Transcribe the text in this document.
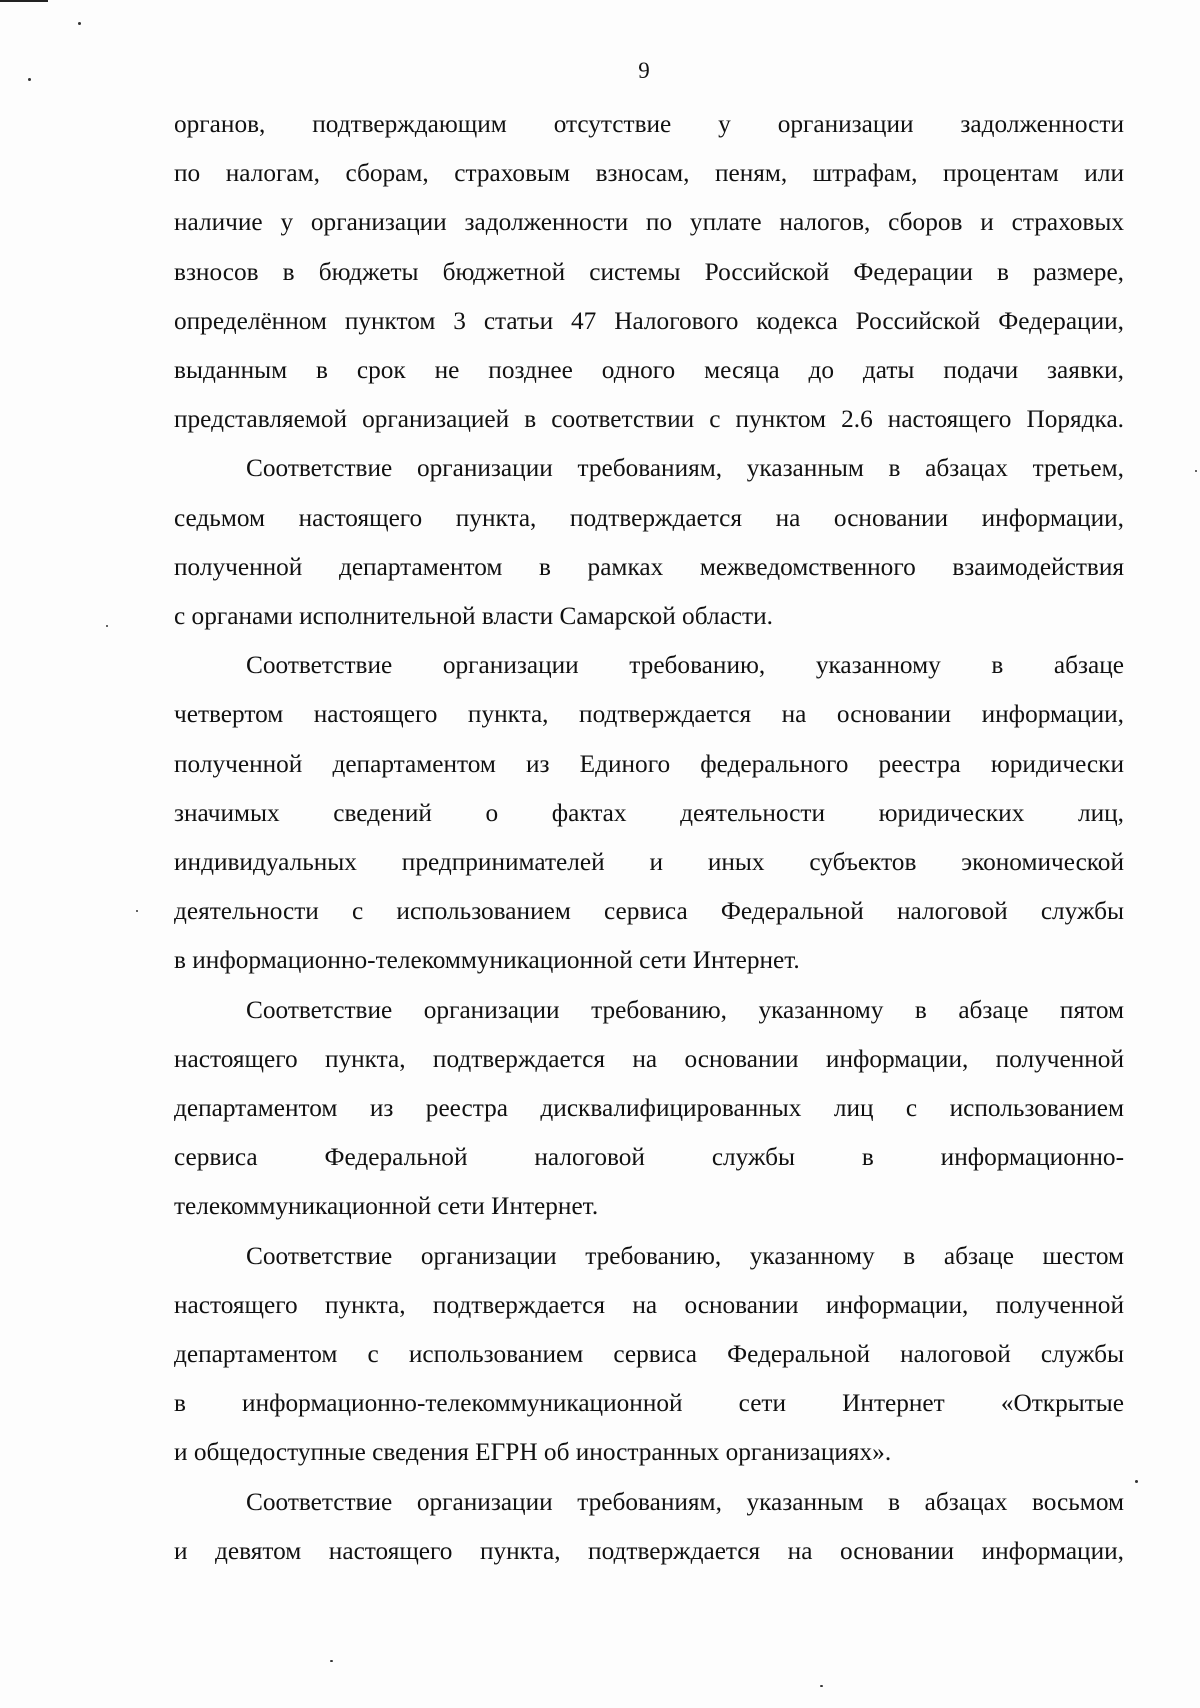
9
органов, подтверждающим отсутствие у организации задолженности
по налогам, сборам, страховым взносам, пеням, штрафам, процентам или
наличие у организации задолженности по уплате налогов, сборов и страховых
взносов в бюджеты бюджетной системы Российской Федерации в размере,
определённом пунктом 3 статьи 47 Налогового кодекса Российской Федерации,
выданным в срок не позднее одного месяца до даты подачи заявки,
представляемой организацией в соответствии с пунктом 2.6 настоящего Порядка.
Соответствие организации требованиям, указанным в абзацах третьем,
седьмом настоящего пункта, подтверждается на основании информации,
полученной департаментом в рамках межведомственного взаимодействия
с органами исполнительной власти Самарской области.
Соответствие организации требованию, указанному в абзаце
четвертом настоящего пункта, подтверждается на основании информации,
полученной департаментом из Единого федерального реестра юридически
значимых сведений о фактах деятельности юридических лиц,
индивидуальных предпринимателей и иных субъектов экономической
деятельности с использованием сервиса Федеральной налоговой службы
в информационно-телекоммуникационной сети Интернет.
Соответствие организации требованию, указанному в абзаце пятом
настоящего пункта, подтверждается на основании информации, полученной
департаментом из реестра дисквалифицированных лиц с использованием
сервиса Федеральной налоговой службы в информационно-
телекоммуникационной сети Интернет.
Соответствие организации требованию, указанному в абзаце шестом
настоящего пункта, подтверждается на основании информации, полученной
департаментом с использованием сервиса Федеральной налоговой службы
в информационно-телекоммуникационной сети Интернет «Открытые
и общедоступные сведения ЕГРН об иностранных организациях».
Соответствие организации требованиям, указанным в абзацах восьмом
и девятом настоящего пункта, подтверждается на основании информации,
